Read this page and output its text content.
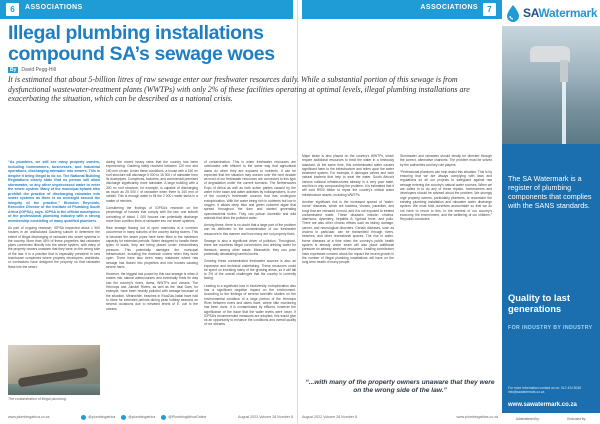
6	ASSOCIATIONS	ASSOCIATIONS	7
Illegal plumbing installations compound SA’s sewage woes
By David Pegg-Hill

It is estimated that about 5-billion litres of raw sewage enter our freshwater resources daily. While a substantial portion of this sewage is from dysfunctional wastewater-treatment plants (WWTPs) with only 2% of these facilities operating at optimal levels, illegal plumbing installations are exacerbating the situation, which can be described as a national crisis.

“As plumbers, we still see many property owners, including homeowners, businesses, and industrial operations, discharging rainwater into sewers. This is despite it being illegal to do so. The National Building Regulations clearly state that no person will allow stormwater, or any other unprocessed water to enter the sewer system. Many of the municipal bylaws also prohibit the practice of discharging rainwater into sewer systems as there is no oversight around the integrity of the practice,” Brendon Reynolds, Executive Director of the Institute of Plumbing South Africa (IOPSA), says. IOPSA is the official mouthpiece of the professional plumbing industry with a strong membership consisting of many qualified plumbers.

As part of ongoing research, IOPSA inspected about 1 500 houses in an undisclosed Gauteng suburb to determine the extent of illegal discharging of rainwater into sewer systems in the country. More than 45% of these properties had rainwater pipes connected directly into the sewer system, with many of the property owners unaware that they were on the wrong side of the law. It is a practice that is especially prevalent in new townhouse complexes where property developers, architects, or contractors have designed the property so that rainwater flows into the sewer.

during the recent heavy rains that the country has been experiencing. Gauteng lately received between 120 mm and 160 mm of rain. Under these conditions, a house with a 150 m² roof structure will discharge 5 000 to 15 000 ℓ of rainwater from its downpipes. Complexes, factories, and commercial premises discharge significantly more rainwater. A large building with a 300 m² roof structure, for example, is capable of discharging as much as 25 000 ℓ of rainwater when there is 150 mm of rainfall. This is enough water to fill the 2 000 ℓ water tanks in a matter of minutes.

Considering the findings of IOPSA’s research on the percentage of houses that comply with the law, one suburb consisting of about 1 000 houses can potentially discharge more than a million litres of rainwater into our sewer systems.

Raw sewage flowing out of open manholes is a common occurrence in many suburbs of the country during storms. This is because the sewer pipes have been filled to the maximum capacity for extended periods. Water designed to handle these types of loads, they are being placed under extraordinary pressure. This potentially damages the municipal infrastructure, including the manhole covers when they burst open. There have also been many instances where raw sewage has flowed into properties and into houses causing severe harm.

However, the biggest risk posed by this raw sewage is when it makes into natural watercourses and eventually finds its way into the country’s rivers, dams, WWTPs and oceans. The Hennops and Jukskei Rivers, as well as the Vaal Dam, for example, have been heavily polluted with sewage because of the situation. Meanwhile, beaches in KwaZulu-Natal have had to close for extended periods during peak holiday seasons on several occasions due to elevated levels of E. coli in the oceans.

of contamination. This is when freshwater resources are overloaded with effluent to the same way that agricultural dams do when they are exposed to nutrients. It can be expected that the situation may worsen over the next decade as most of our freshwater resources are connected to this type of degradation under the current scenario. The Netherwaves Expo of Africa as well as both action parties caused by the water in the basin and water activities by holidaymakers, is one of the country’s freshwater sources that has undergone eutrophication. With the water being rich in nutrients but low in oxygen, it allows deep blue and green coloured algae that spread throughout the dam and started generating cyanobacterial toxins. They can poison domestic and wild animals that drink the polluted water.

Among these, there is no doubt that a large part of the problem can be attributed to the contamination of our freshwater resources in this manner and how many are not properly fixed.

Sewage is also a significant driver of pollution. Throughout, there are countless illegal connections and drinking water for livestock, among other waste. Meanwhile, they can pose potentially devastating harmful toxins.

Growing these contaminated freshwater sources is also an expensive and technical undertaking. These resources could be spent on investing many of the growing areas, so it will fall to 2% of the overall challenges that the country is currently facing.

Leading to a significant loss in biodiversity, eutrophication also has a significant negative impact on the environment. According to the findings of several scientific studies on the environmental condition of a large portion of the Hennops River between rivers and dams have, where little monitoring has been done. It is contaminated by effluent, however the significance of the issue that the water levels were lower. If IOPSA’s recommended measures are adopted, this would give us an opportunity to enhance the conditions and overall quality of our streams.

Major strain is also placed on the country’s WWTPs, which require additional resources to treat the water in a timeously standard. At the same time, this contaminated water causes significant harm to the infrastructure and relies upon the water treatment system. For example, it damages valves and both natural bacteria that help to treat the water. South Africa’s various national infrastructures already in a very poor state, and this is only compounding the problem. It is estimated that it will cost R900 billion to repair the country’s critical water infrastructure assets, including WWTPs.

Another significant risk is the increased spread of “water-borne” diseases, which are bacteria, viruses, parasites, and fungi that are released in most, and it is not exposed to treated contaminated water. These diseases include: cholera, diarrhoea, dysentery, hepatitis A, typhoid fever, and polio. There are also other chronic effects such as kidney damage, cancer, and neurological disorders. Certain diseases, such as cholera in particular, can be transmitted through rivers, beaches, and other recreational spaces. The rise in water-borne diseases at a time when the country’s public health system is already under strain will also place additional pressure on already stretched resources. Leading contributors have expressed concern about the impact the recent growth in the number of illegal plumbing installations will have on the long-term health of many people.

Stormwater and rainwater should ideally be directed through the correct, alternative channels. The problem must be solved by the authorities and key role players.

“Professional plumbers can help assist this situation. This is by ensuring that we are always complying with laws and regulations so all our projects to safeguard against raw sewage entering the country’s natural water courses. When we are called in to do any of these repairs, homeowners and developers should be advised about the problem. We strongly urge property owners, particularly plumbers, to reconsider the existing plumbing installation and rainwater water discharge system. We must hold ourselves accountable so that we do not have to resort to this, in the interest of our country’s economy, the environment, and the wellbeing of our children,” Reynolds concludes.

The contamination of illegal plumbing.
“...with many of the property owners unaware that they were on the wrong side of the law.”
www.plumbingafrica.co.za	@plumbingafrica	@plumbingafrica	@PlumbingAfricaOnline	August 2022 Volume 28 Number 8	August 2022 Volume 28 Number 8	www.plumbingafrica.co.za
SAWatermark

The SA Watermark is a register of plumbing components that complies with the SANS standards.

Quality to last generations

FOR INDUSTRY BY INDUSTRY

For more information contact us on: 012 424 8045 info@sawatermark.co.za

www.sawatermark.co.za

Administered by:	Endorsed by:
